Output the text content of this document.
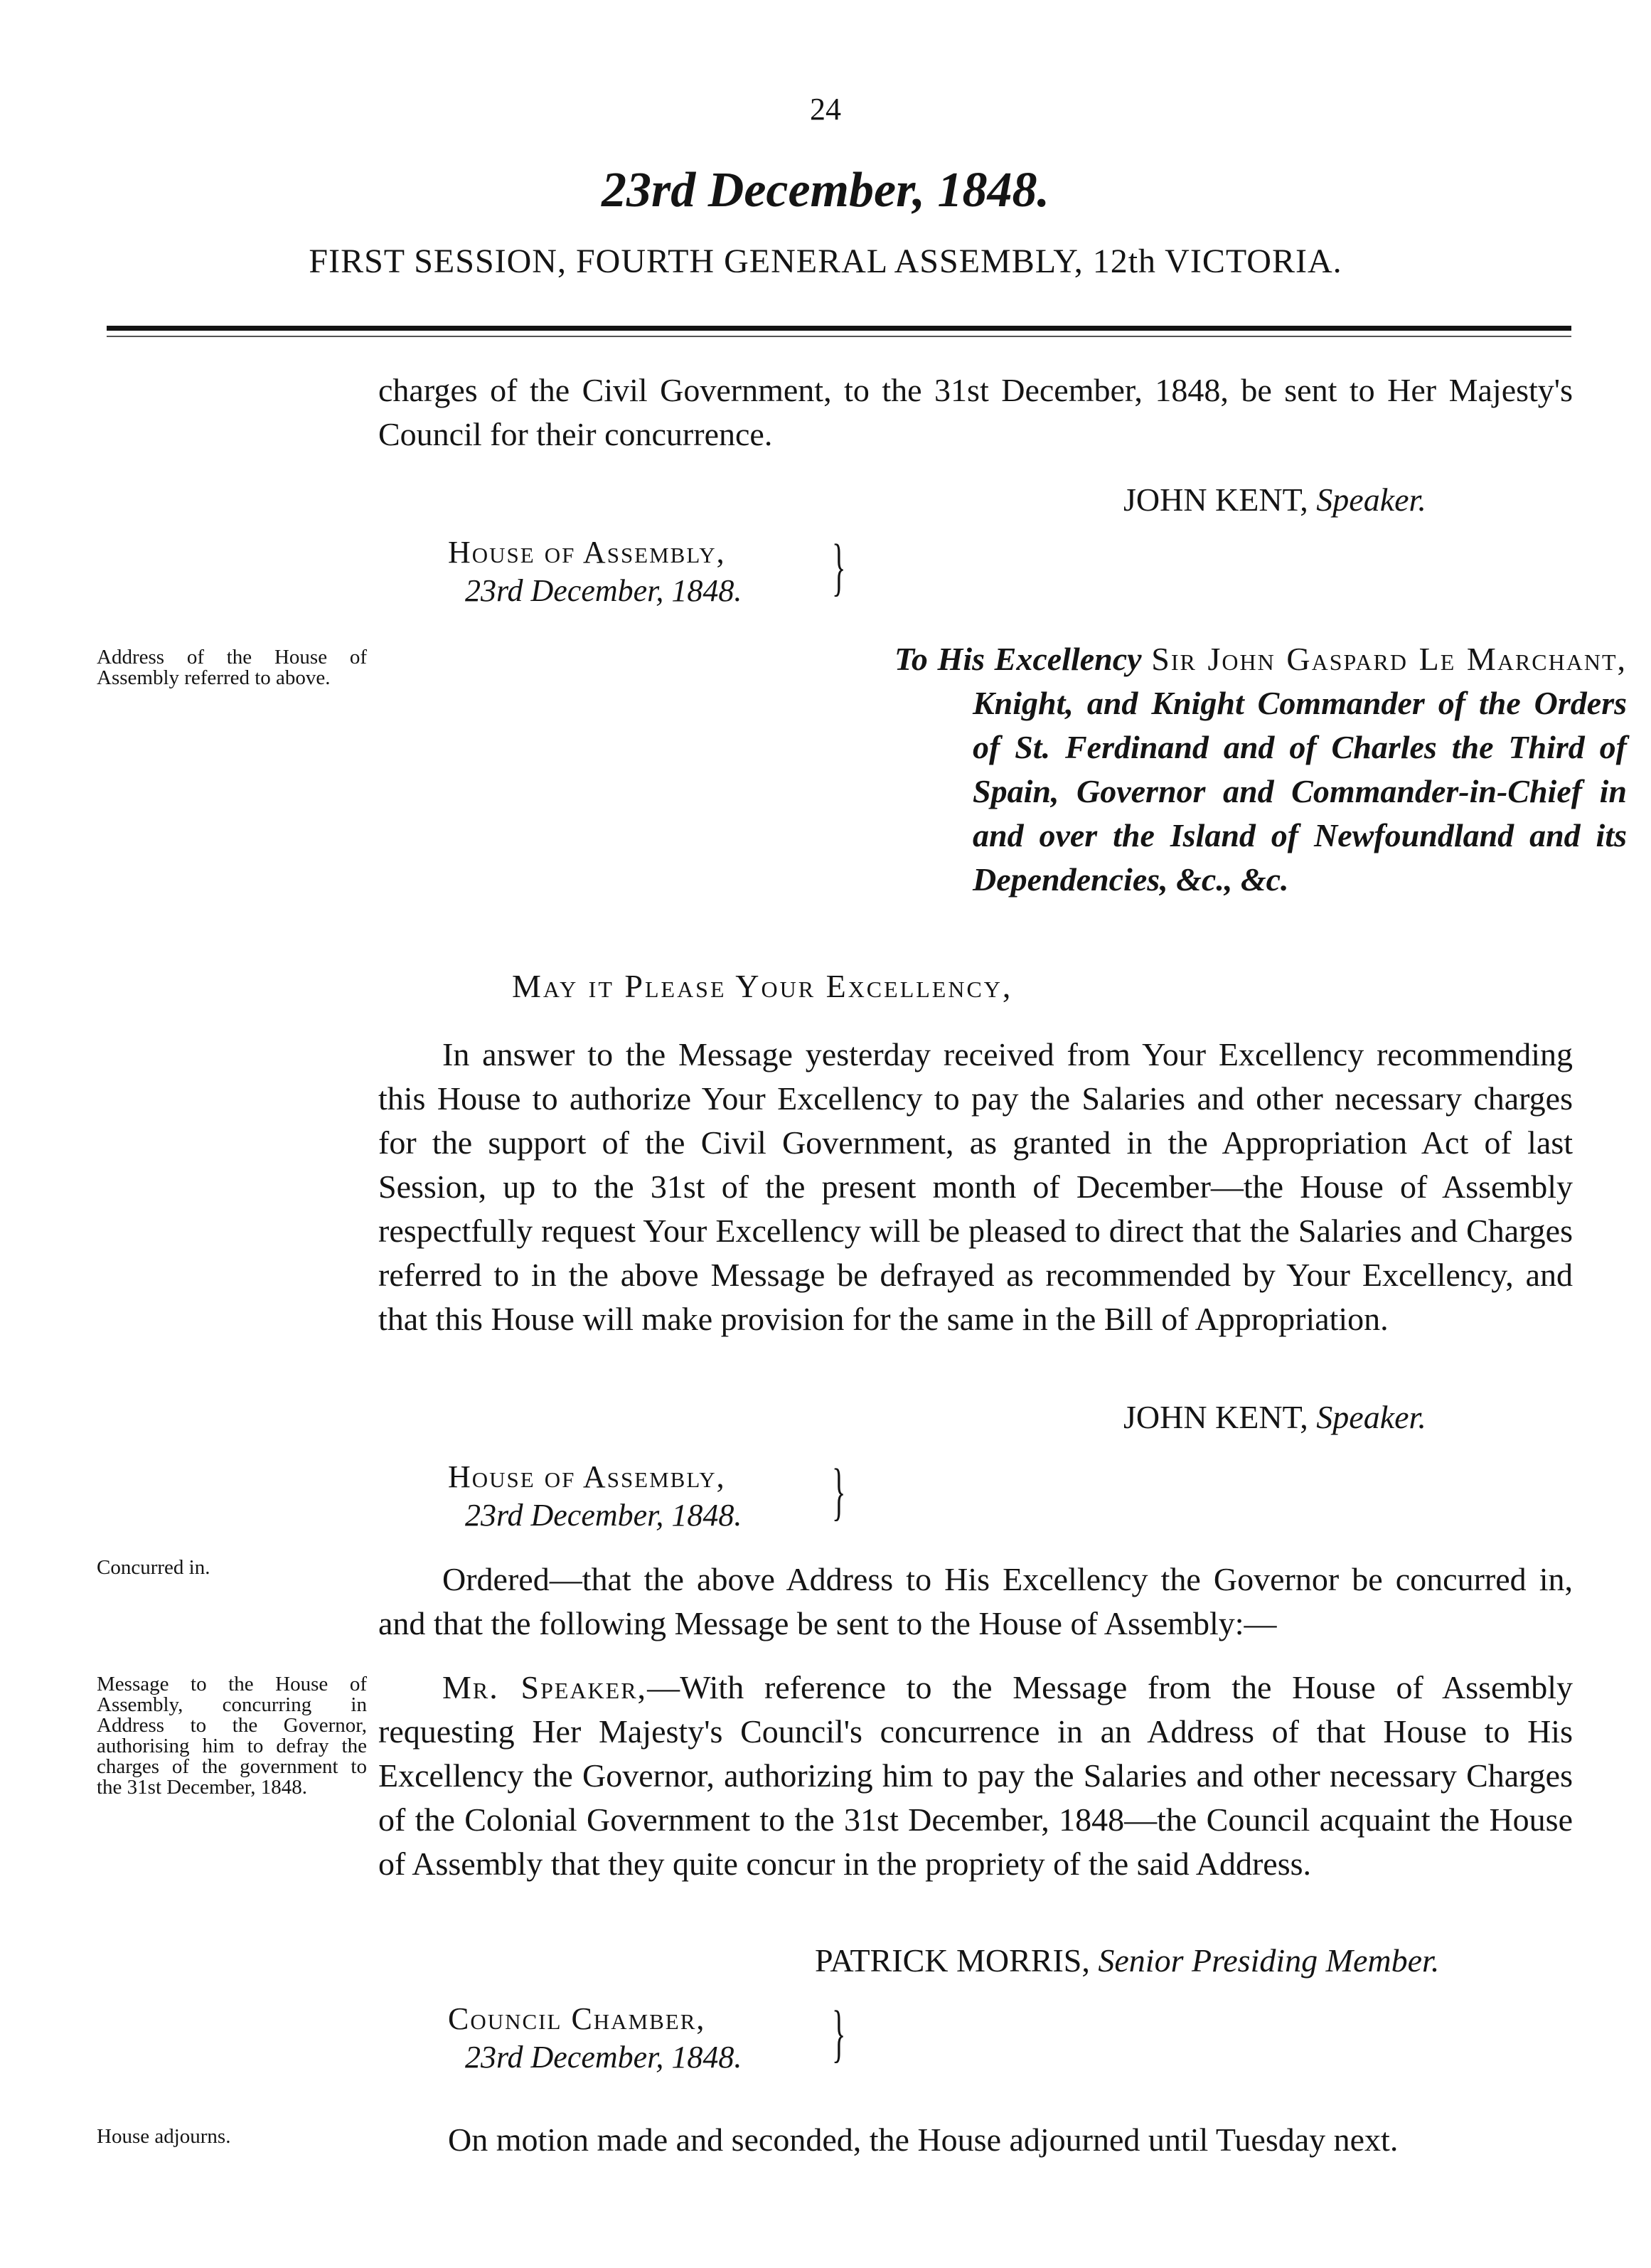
24
23rd December, 1848.
FIRST SESSION, FOURTH GENERAL ASSEMBLY, 12th VICTORIA.
charges of the Civil Government, to the 31st December, 1848, be sent to Her Majesty's Council for their concurrence.
JOHN KENT, Speaker.
House of Assembly,
23rd December, 1848. }
Address of the House of Assembly referred to above.
To His Excellency Sir John Gaspard Le Marchant, Knight, and Knight Commander of the Orders of St. Ferdinand and of Charles the Third of Spain, Governor and Commander-in-Chief in and over the Island of Newfoundland and its Dependencies, &c., &c.
May it Please Your Excellency,
In answer to the Message yesterday received from Your Excellency recommending this House to authorize Your Excellency to pay the Salaries and other necessary charges for the support of the Civil Government, as granted in the Appropriation Act of last Session, up to the 31st of the present month of December—the House of Assembly respectfully request Your Excellency will be pleased to direct that the Salaries and Charges referred to in the above Message be defrayed as recommended by Your Excellency, and that this House will make provision for the same in the Bill of Appropriation.
JOHN KENT, Speaker.
House of Assembly,
23rd December, 1848. }
Concurred in.	Ordered—that the above Address to His Excellency the Governor be concurred in, and that the following Message be sent to the House of Assembly:—
Message to the House of Assembly, concurring in Address to the Governor, authorising him to defray the charges of the government to the 31st December, 1848.
Mr. Speaker,—With reference to the Message from the House of Assembly requesting Her Majesty's Council's concurrence in an Address of that House to His Excellency the Governor, authorizing him to pay the Salaries and other necessary Charges of the Colonial Government to the 31st December, 1848—the Council acquaint the House of Assembly that they quite concur in the propriety of the said Address.
PATRICK MORRIS, Senior Presiding Member.
Council Chamber,
23rd December, 1848. }
House adjourns.	On motion made and seconded, the House adjourned until Tuesday next.
